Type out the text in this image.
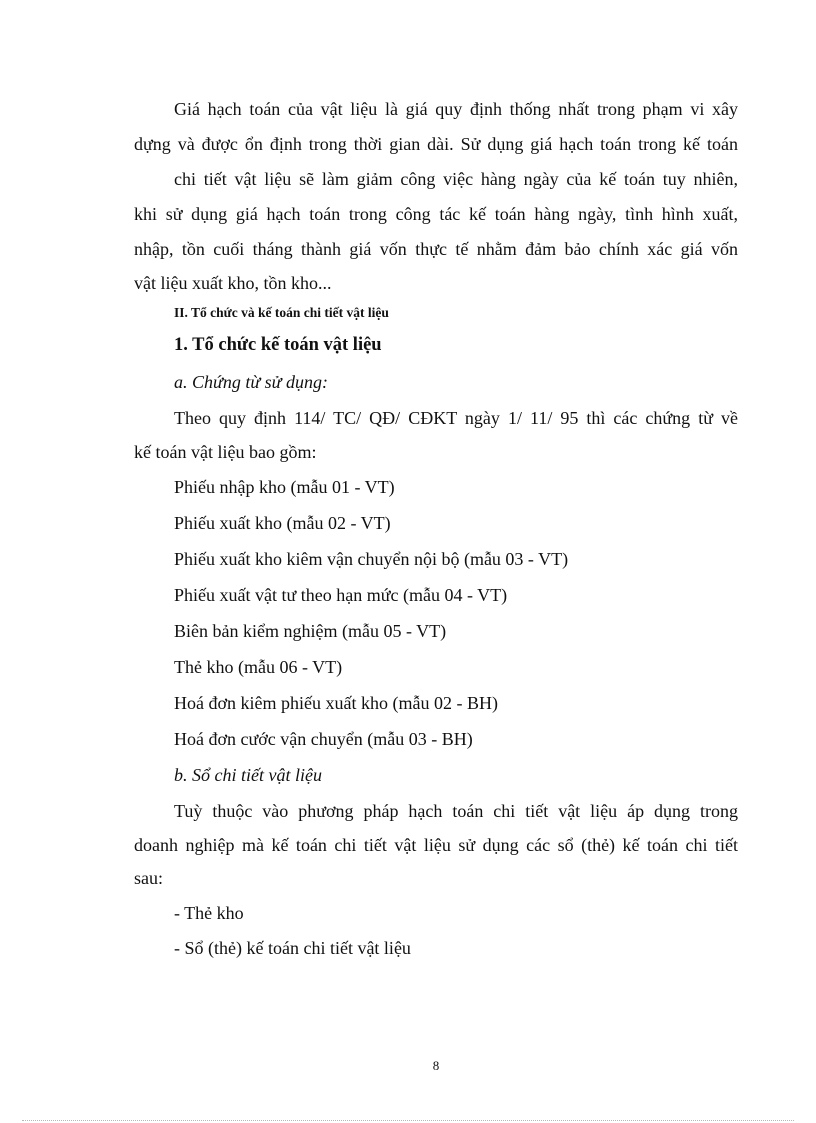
Giá hạch toán của vật liệu là giá quy định thống nhất trong phạm vi xây
dựng và được ổn định trong thời gian dài. Sử dụng giá hạch toán trong kế toán
chi tiết vật liệu sẽ làm giảm công việc hàng ngày của kế toán tuy nhiên,
khi sử dụng giá hạch toán trong công tác kế toán hàng ngày, tình hình xuất,
nhập, tồn cuối tháng thành giá vốn thực tế nhằm đảm bảo chính xác giá vốn
vật liệu xuất kho, tồn kho...
II. Tổ chức và kế toán chi tiết vật liệu
1. Tổ chức kế toán vật liệu
a. Chứng từ sử dụng:
Theo quy định 114/ TC/ QĐ/ CĐKT ngày 1/ 11/ 95 thì các chứng từ về
kế toán vật liệu bao gồm:
Phiếu nhập kho (mẫu 01 - VT)
Phiếu xuất kho (mẫu 02 - VT)
Phiếu xuất kho kiêm vận chuyển nội bộ (mẫu 03 - VT)
Phiếu xuất vật tư theo hạn mức (mẫu 04 - VT)
Biên bản kiểm nghiệm (mẫu 05 - VT)
Thẻ kho (mẫu 06 - VT)
Hoá đơn kiêm phiếu xuất kho (mẫu 02 - BH)
Hoá đơn cước vận chuyển (mẫu 03 - BH)
b. Sổ chi tiết vật liệu
Tuỳ thuộc vào phương pháp hạch toán chi tiết vật liệu áp dụng trong
doanh nghiệp mà kế toán chi tiết vật liệu sử dụng các sổ (thẻ) kế toán chi tiết
sau:
- Thẻ kho
- Sổ (thẻ) kế toán chi tiết vật liệu
8
